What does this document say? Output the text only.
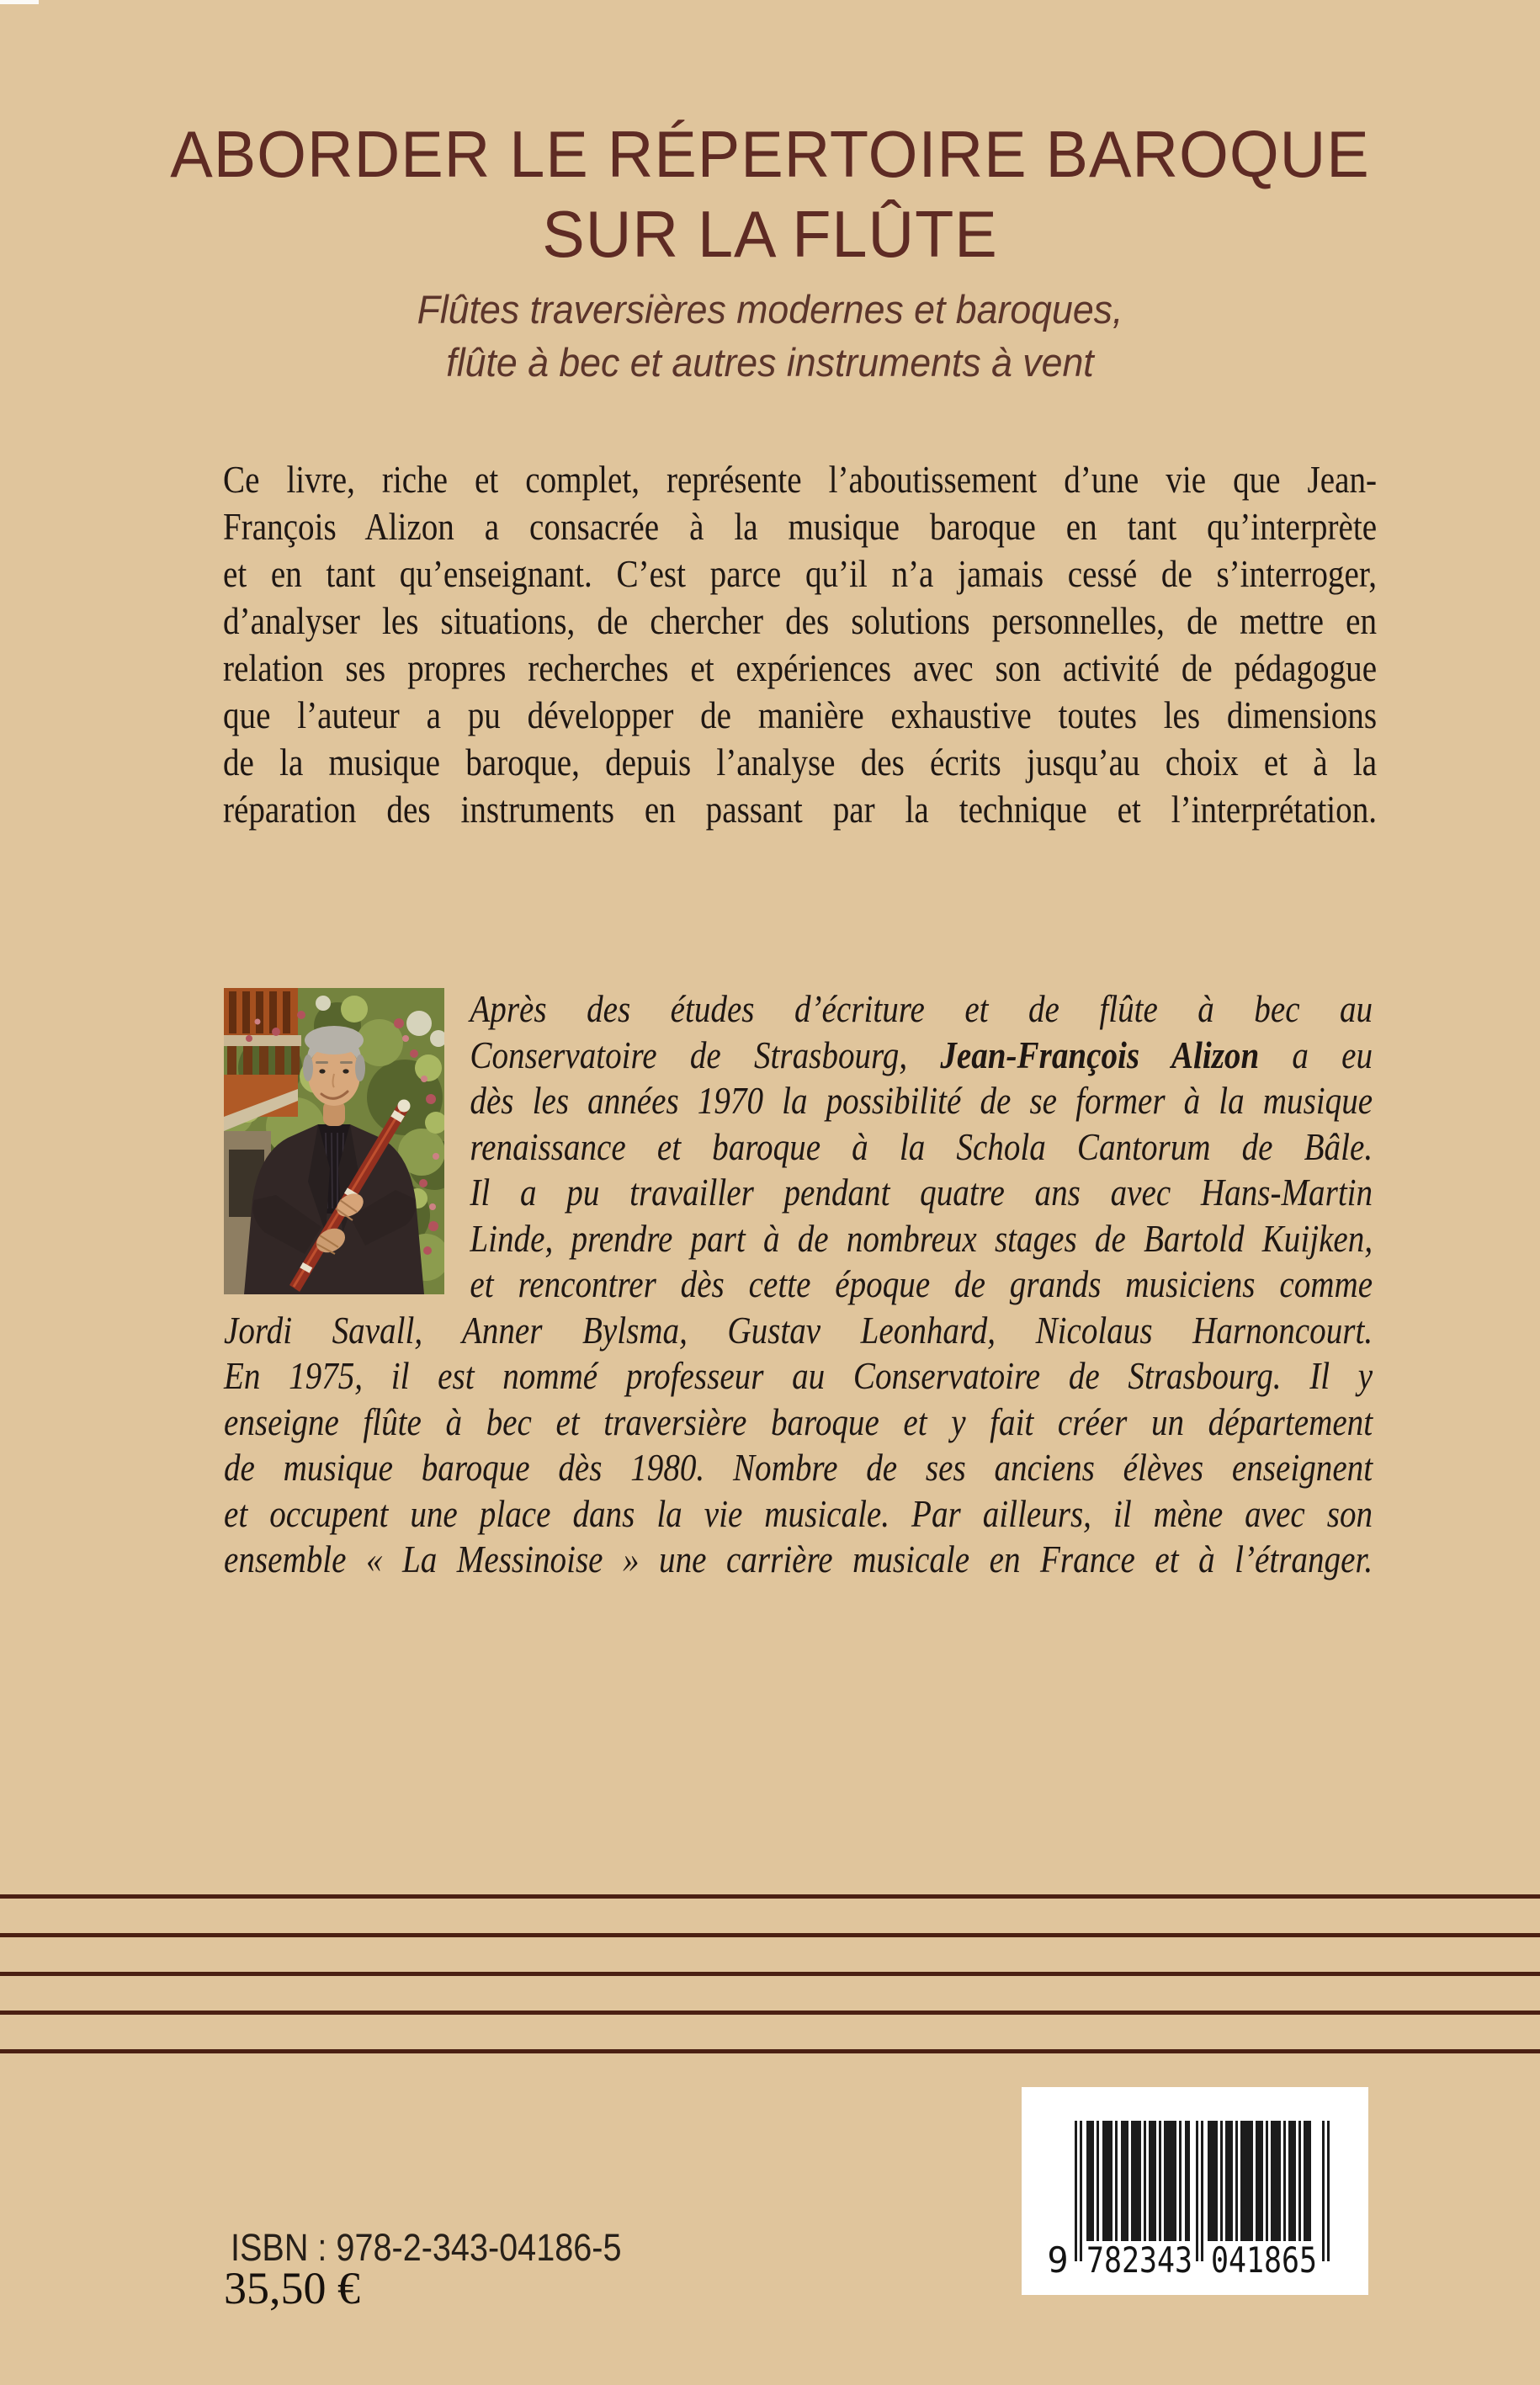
ABORDER LE RÉPERTOIRE BAROQUE
SUR LA FLÛTE

Flûtes traversières modernes et baroques,
flûte à bec et autres instruments à vent

Ce livre, riche et complet, représente l’aboutissement d’une vie que Jean-
François Alizon a consacrée à la musique baroque en tant qu’interprète
et en tant qu’enseignant. C’est parce qu’il n’a jamais cessé de s’interroger,
d’analyser les situations, de chercher des solutions personnelles, de mettre en
relation ses propres recherches et expériences avec son activité de pédagogue
que l’auteur a pu développer de manière exhaustive toutes les dimensions
de la musique baroque, depuis l’analyse des écrits jusqu’au choix et à la
réparation des instruments en passant par la technique et l’interprétation.
Après des études d’écriture et de flûte à bec au
Conservatoire de Strasbourg, Jean-François Alizon a eu
dès les années 1970 la possibilité de se former à la musique
renaissance et baroque à la Schola Cantorum de Bâle.
Il a pu travailler pendant quatre ans avec Hans-Martin
Linde, prendre part à de nombreux stages de Bartold Kuijken,
et rencontrer dès cette époque de grands musiciens comme
Jordi Savall, Anner Bylsma, Gustav Leonhard, Nicolaus Harnoncourt.
En 1975, il est nommé professeur au Conservatoire de Strasbourg. Il y
enseigne flûte à bec et traversière baroque et y fait créer un département
de musique baroque dès 1980. Nombre de ses anciens élèves enseignent
et occupent une place dans la vie musicale. Par ailleurs, il mène avec son
ensemble « La Messinoise » une carrière musicale en France et à l’étranger.
ISBN : 978-2-343-04186-5
35,50 €
9 782343 041865
